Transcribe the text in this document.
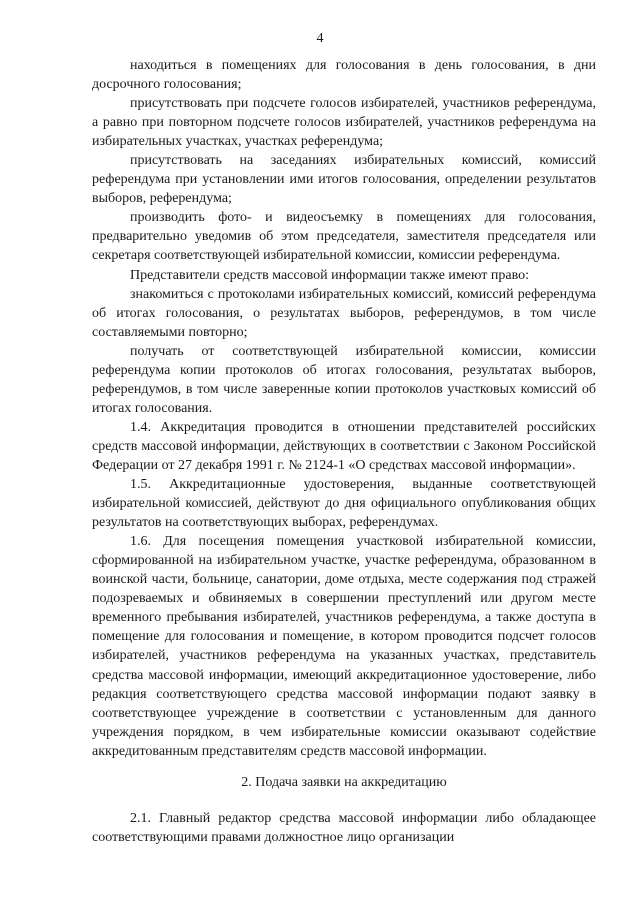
4

находиться в помещениях для голосования в день голосования, в дни досрочного голосования;

присутствовать при подсчете голосов избирателей, участников референдума, а равно при повторном подсчете голосов избирателей, участников референдума на избирательных участках, участках референдума;

присутствовать на заседаниях избирательных комиссий, комиссий референдума при установлении ими итогов голосования, определении результатов выборов, референдума;

производить фото- и видеосъемку в помещениях для голосования, предварительно уведомив об этом председателя, заместителя председателя или секретаря соответствующей избирательной комиссии, комиссии референдума.

Представители средств массовой информации также имеют право:

знакомиться с протоколами избирательных комиссий, комиссий референдума об итогах голосования, о результатах выборов, референдумов, в том числе составляемыми повторно;

получать от соответствующей избирательной комиссии, комиссии референдума копии протоколов об итогах голосования, результатах выборов, референдумов, в том числе заверенные копии протоколов участковых комиссий об итогах голосования.

1.4. Аккредитация проводится в отношении представителей российских средств массовой информации, действующих в соответствии с Законом Российской Федерации от 27 декабря 1991 г. № 2124-1 «О средствах массовой информации».

1.5. Аккредитационные удостоверения, выданные соответствующей избирательной комиссией, действуют до дня официального опубликования общих результатов на соответствующих выборах, референдумах.

1.6. Для посещения помещения участковой избирательной комиссии, сформированной на избирательном участке, участке референдума, образованном в воинской части, больнице, санатории, доме отдыха, месте содержания под стражей подозреваемых и обвиняемых в совершении преступлений или другом месте временного пребывания избирателей, участников референдума, а также доступа в помещение для голосования и помещение, в котором проводится подсчет голосов избирателей, участников референдума на указанных участках, представитель средства массовой информации, имеющий аккредитационное удостоверение, либо редакция соответствующего средства массовой информации подают заявку в соответствующее учреждение в соответствии с установленным для данного учреждения порядком, в чем избирательные комиссии оказывают содействие аккредитованным представителям средств массовой информации.

2. Подача заявки на аккредитацию

2.1. Главный редактор средства массовой информации либо обладающее соответствующими правами должностное лицо организации
